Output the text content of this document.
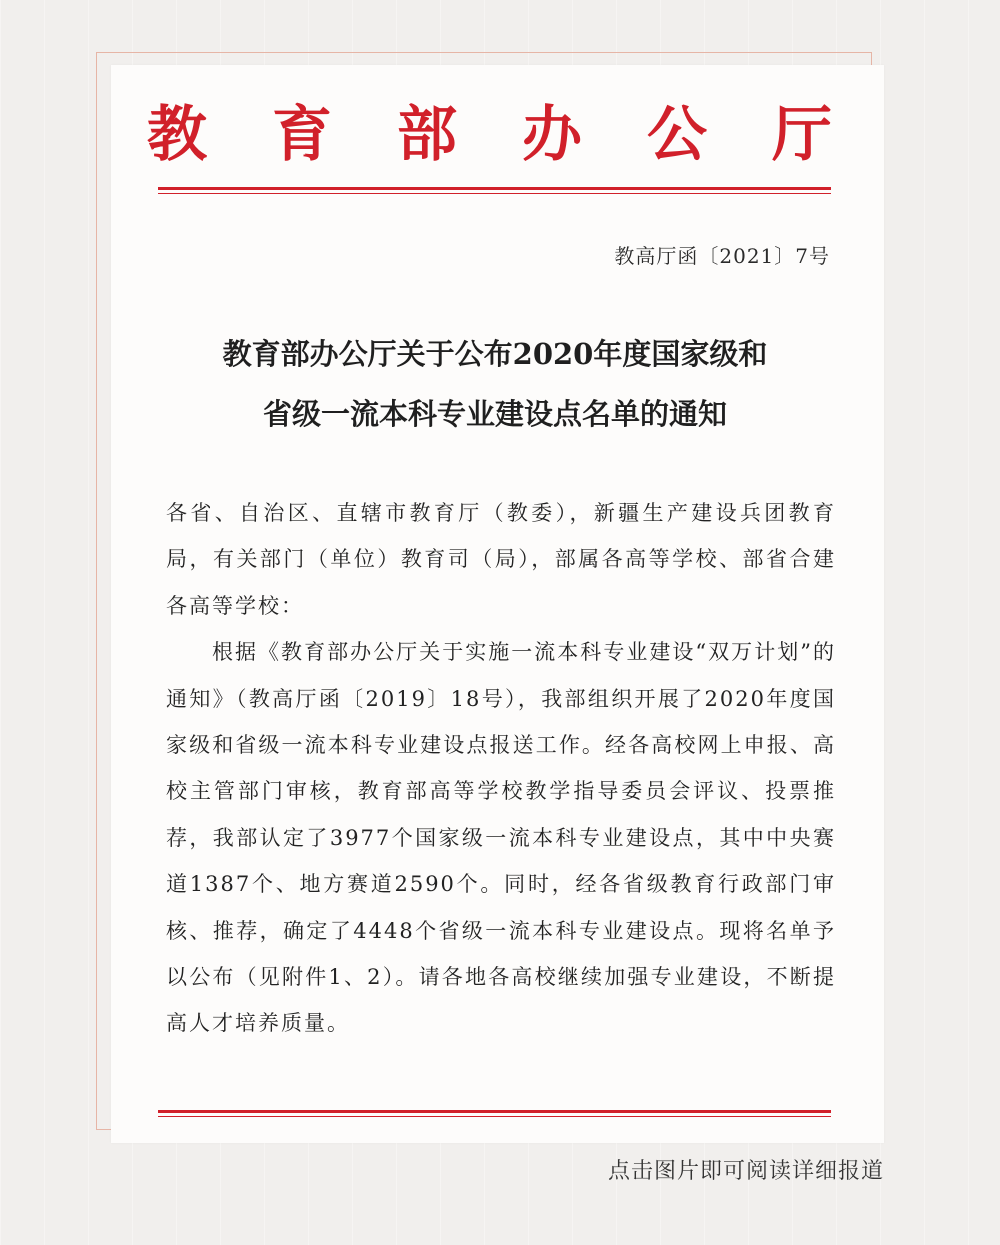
教 育 部 办 公 厅
教高厅函〔2021〕7号
教育部办公厅关于公布2020年度国家级和
省级一流本科专业建设点名单的通知

各省、自治区、直辖市教育厅（教委），新疆生产建设兵团教育局，有关部门（单位）教育司（局），部属各高等学校、部省合建各高等学校：

根据《教育部办公厅关于实施一流本科专业建设“双万计划”的通知》（教高厅函〔2019〕18号），我部组织开展了2020年度国家级和省级一流本科专业建设点报送工作。经各高校网上申报、高校主管部门审核，教育部高等学校教学指导委员会评议、投票推荐，我部认定了3977个国家级一流本科专业建设点，其中中央赛道1387个、地方赛道2590个。同时，经各省级教育行政部门审核、推荐，确定了4448个省级一流本科专业建设点。现将名单予以公布（见附件1、2）。请各地各高校继续加强专业建设，不断提高人才培养质量。

点击图片即可阅读详细报道
